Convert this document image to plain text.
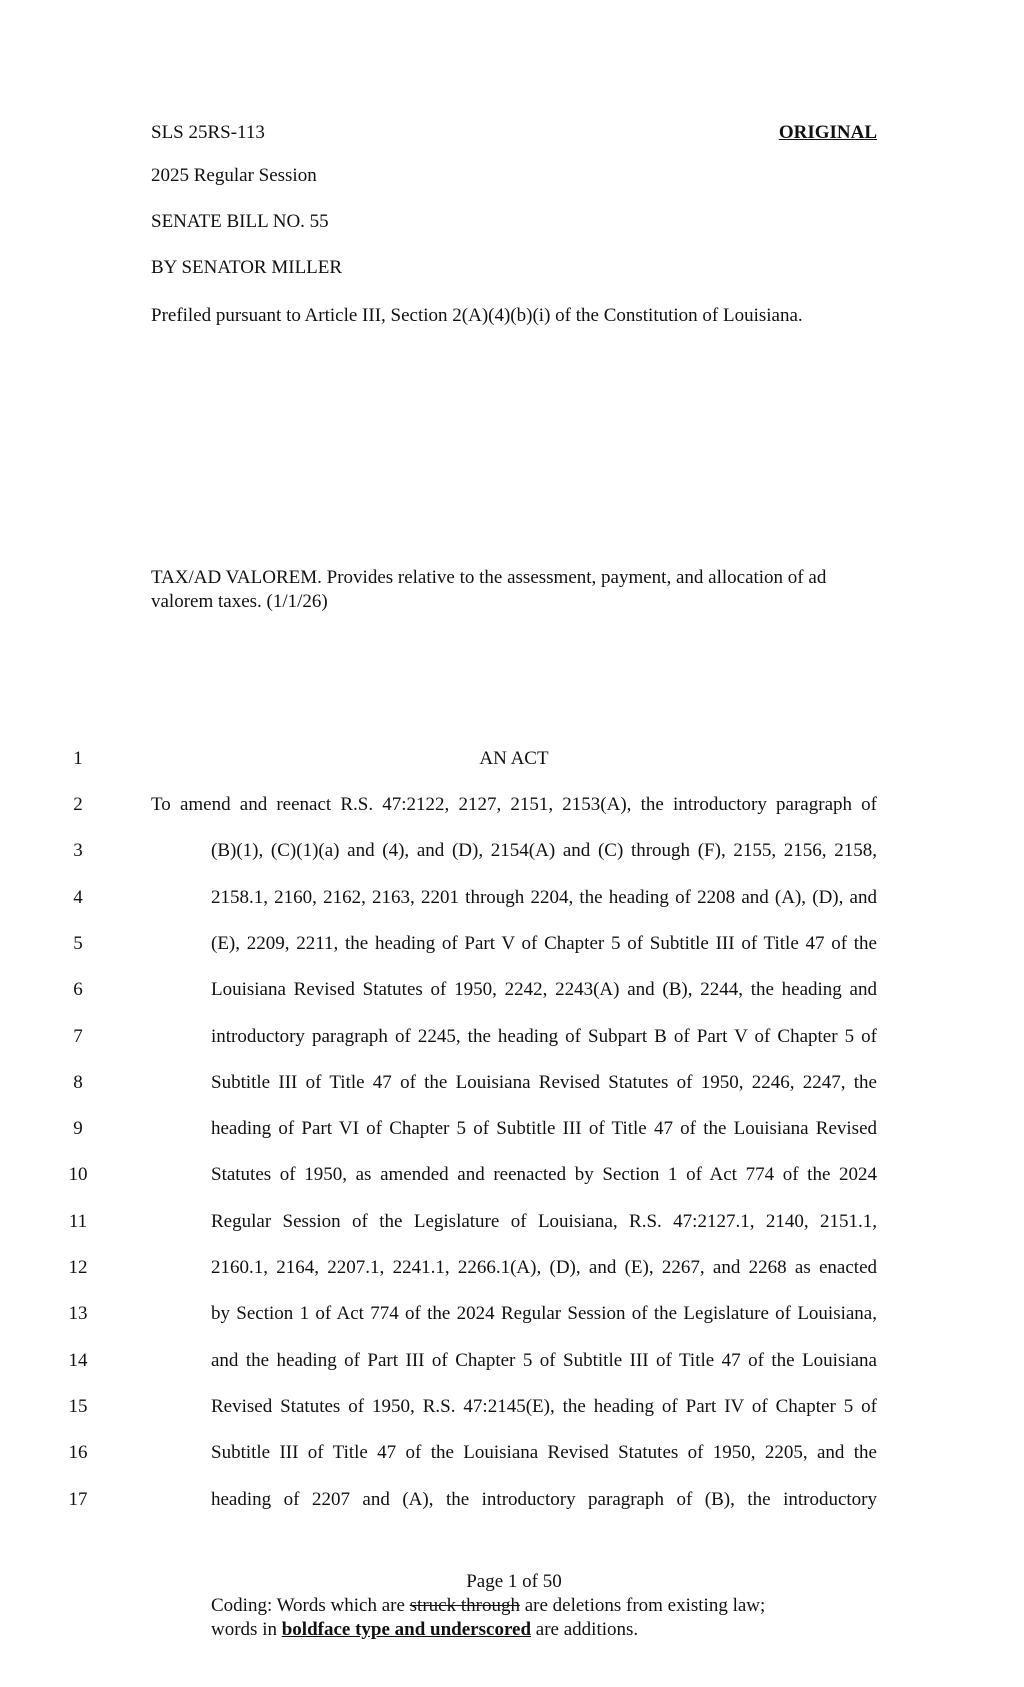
SLS 25RS-113	ORIGINAL
2025 Regular Session
SENATE BILL NO. 55
BY SENATOR MILLER
Prefiled pursuant to Article III, Section 2(A)(4)(b)(i) of the Constitution of Louisiana.
TAX/AD VALOREM. Provides relative to the assessment, payment, and allocation of ad valorem taxes. (1/1/26)
1	AN ACT
2	To amend and reenact R.S. 47:2122, 2127, 2151, 2153(A), the introductory paragraph of
3	(B)(1), (C)(1)(a) and (4), and (D), 2154(A) and (C) through (F), 2155, 2156, 2158,
4	2158.1, 2160, 2162, 2163, 2201 through 2204, the heading of 2208 and (A), (D), and
5	(E), 2209, 2211, the heading of Part V of Chapter 5 of Subtitle III of Title 47 of the
6	Louisiana Revised Statutes of 1950, 2242, 2243(A) and (B), 2244, the heading and
7	introductory paragraph of 2245, the heading of Subpart B of Part V of Chapter 5 of
8	Subtitle III of Title 47 of the Louisiana Revised Statutes of 1950, 2246, 2247, the
9	heading of Part VI of Chapter 5 of Subtitle III of Title 47 of the Louisiana Revised
10	Statutes of 1950, as amended and reenacted by Section 1 of Act 774 of the 2024
11	Regular Session of the Legislature of Louisiana, R.S. 47:2127.1, 2140, 2151.1,
12	2160.1, 2164, 2207.1, 2241.1, 2266.1(A), (D), and (E), 2267, and 2268 as enacted
13	by Section 1 of Act 774 of the 2024 Regular Session of the Legislature of Louisiana,
14	and the heading of Part III of Chapter 5 of Subtitle III of Title 47 of the Louisiana
15	Revised Statutes of 1950, R.S. 47:2145(E), the heading of Part IV of Chapter 5 of
16	Subtitle III of Title 47 of the Louisiana Revised Statutes of 1950, 2205, and the
17	heading of 2207 and (A), the introductory paragraph of (B), the introductory
Page 1 of 50
Coding: Words which are struck through are deletions from existing law;
words in boldface type and underscored are additions.
